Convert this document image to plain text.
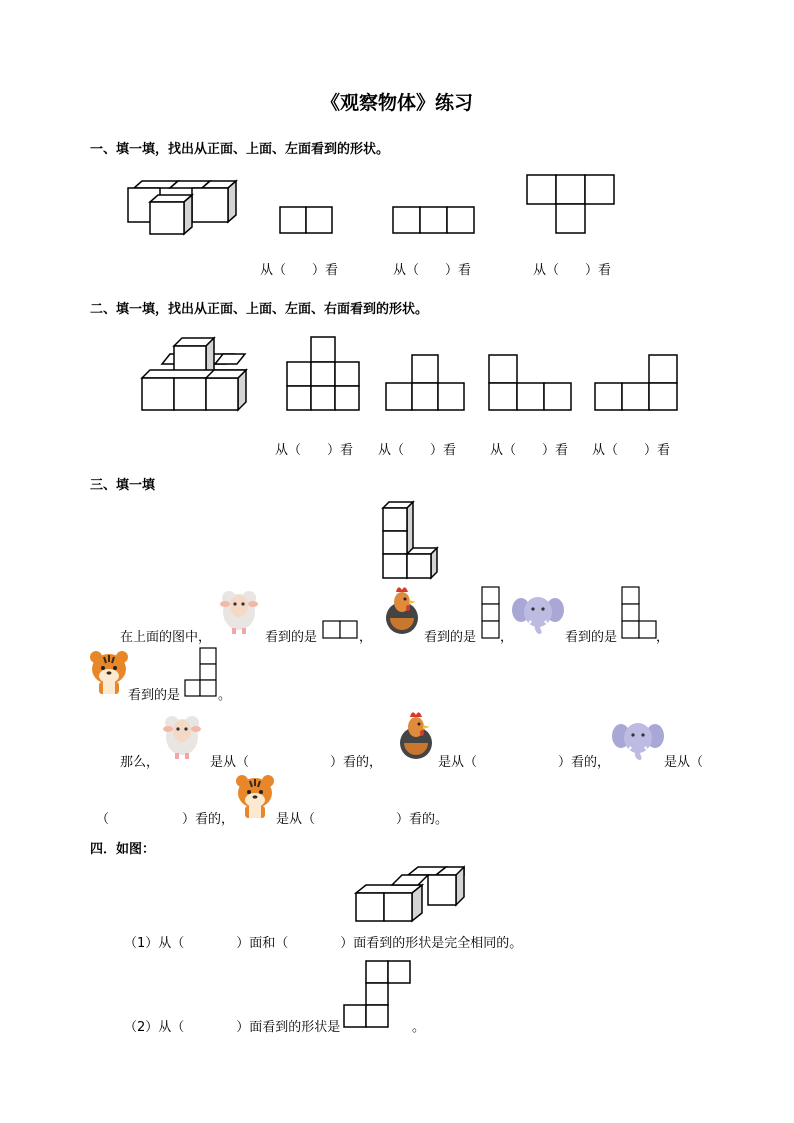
《观察物体》练习
一、填一填，找出从正面、上面、左面看到的形状。
从（　　）看	从（　　）看	从（　　）看
二、填一填，找出从正面、上面、左面、右面看到的形状。
从（　　）看 从（　　）看	从（　　）看 从（　　）看
三、填一填
在上面的图中，	看到的是	，	看到的是 ，	看到的是	，
看到的是	。
那么，	是从（	）看的，	是从（	）看的，	是从（
（	）看的，	是从（	）看的。
四．如图：
（1）从（　　　　）面和（　　　　）面看到的形状是完全相同的。
（2）从（　　　　）面看到的形状是	。
